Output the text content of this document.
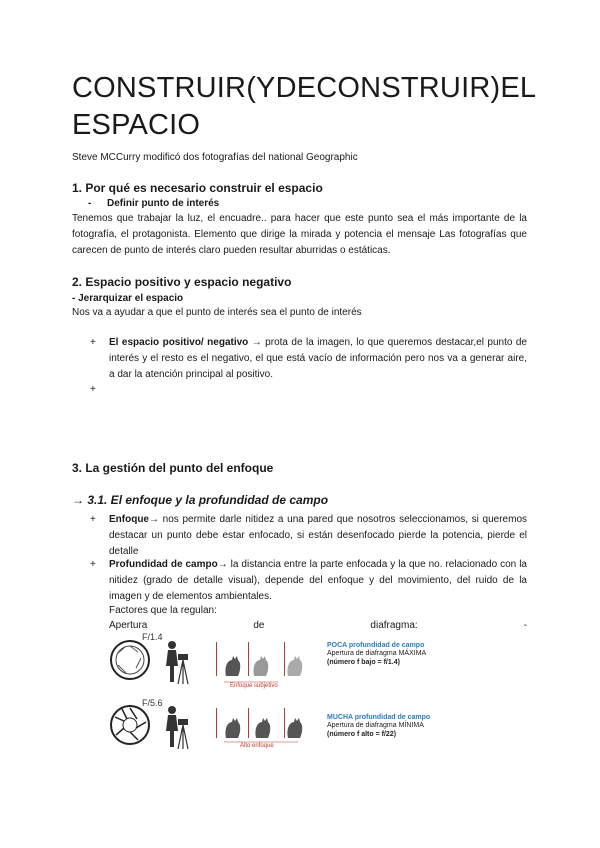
CONSTRUIR (Y DECONSTRUIR) EL
ESPACIO
Steve MCCurry modificó dos fotografías del national Geographic
1. Por qué es necesario construir el espacio
- Definir punto de interés
Tenemos que trabajar la luz, el encuadre.. para hacer que este punto sea el más importante de la fotografía, el protagonista. Elemento que dirige la mirada y potencia el mensaje Las fotografías que carecen de punto de interés claro pueden resultar aburridas o estáticas.
2. Espacio positivo y espacio negativo
- Jerarquizar el espacio
Nos va a ayudar a que el punto de interés sea el punto de interés
+ El espacio positivo/ negativo → prota de la imagen, lo que queremos destacar,el punto de interés y el resto es el negativo, el que está vacío de información pero nos va a generar aire, a dar la atención principal al positivo.
+
3. La gestión del punto del enfoque
→ 3.1. El enfoque y la profundidad de campo
+ Enfoque→ nos permite darle nitidez a una pared que nosotros seleccionamos, si queremos destacar un punto debe estar enfocado, si están desenfocado pierde la potencia, pierde el detalle
+ Profundidad de campo→ la distancia entre la parte enfocada y la que no. relacionado con la nitidez (grado de detalle visual), depende del enfoque y del movimiento, del ruido de la imagen y de elementos ambientales.
Factores que la regulan:
Apertura	de	diafragma:	-
F/1.4
F/5.6
Enfoque subjetivo
Alto enfoque
POCA profundidad de campo
Apertura de diafragma MÁXIMA
(número f bajo = f/1.4)
MUCHA profundidad de campo
Apertura de diafragma MÍNIMA
(número f alto = f/22)
